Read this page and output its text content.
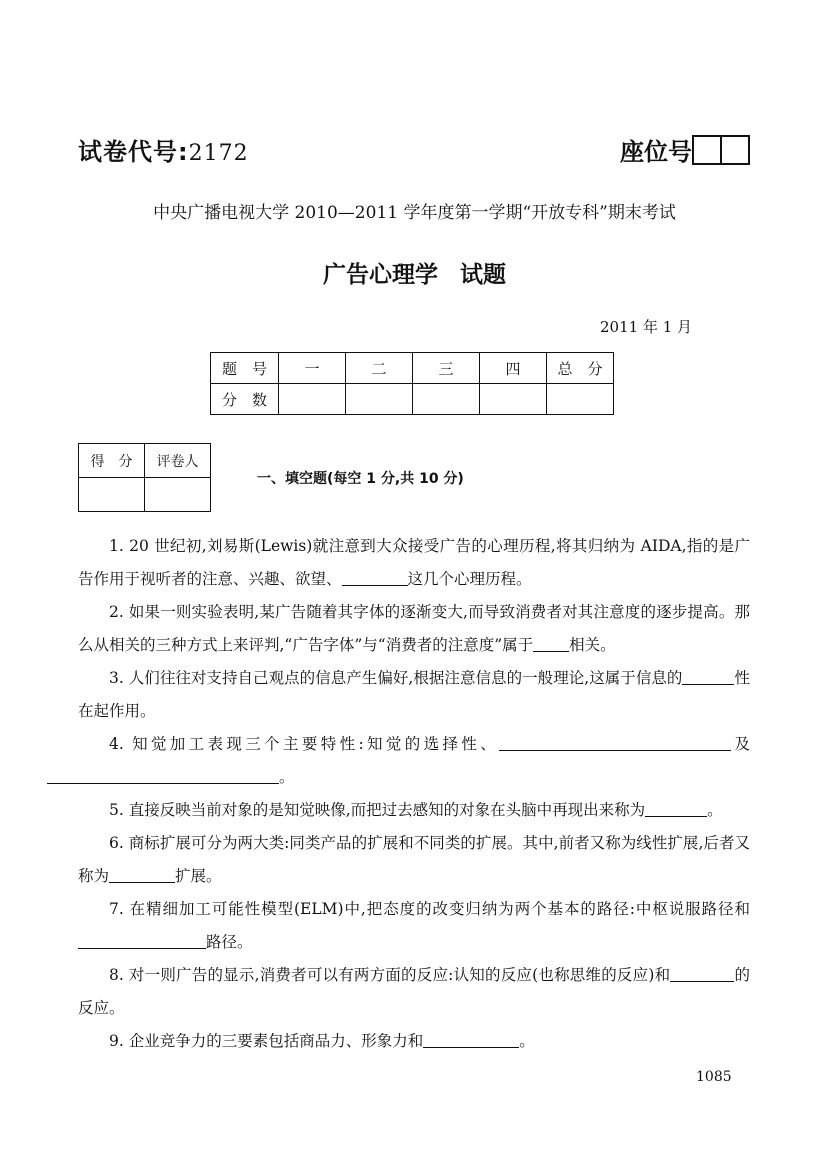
试卷代号:2172	座位号
中央广播电视大学 2010—2011 学年度第一学期“开放专科”期末考试
广告心理学 试题
2011 年 1 月
题　号	一	二	三	四	总　分
分　数					
得　分	评卷人

一、填空题(每空 1 分,共 10 分)

1. 20 世纪初,刘易斯(Lewis)就注意到大众接受广告的心理历程,将其归纳为 AIDA,指的是广告作用于视听者的注意、兴趣、欲望、	这几个心理历程。

2. 如果一则实验表明,某广告随着其字体的逐渐变大,而导致消费者对其注意度的逐步提高。那么从相关的三种方式上来评判,“广告字体”与“消费者的注意度”属于 相关。

3. 人们往往对支持自己观点的信息产生偏好,根据注意信息的一般理论,这属于信息的	性在起作用。

4. 知觉加工表现三个主要特性:知觉的选择性、	及。

5. 直接反映当前对象的是知觉映像,而把过去感知的对象在头脑中再现出来称为	。

6. 商标扩展可分为两大类:同类产品的扩展和不同类的扩展。其中,前者又称为线性扩展,后者又称为	扩展。

7. 在精细加工可能性模型(ELM)中,把态度的改变归纳为两个基本的路径:中枢说服路径和路径。

8. 对一则广告的显示,消费者可以有两方面的反应:认知的反应(也称思维的反应)和	的反应。

9. 企业竞争力的三要素包括商品力、形象力和	。

1085
